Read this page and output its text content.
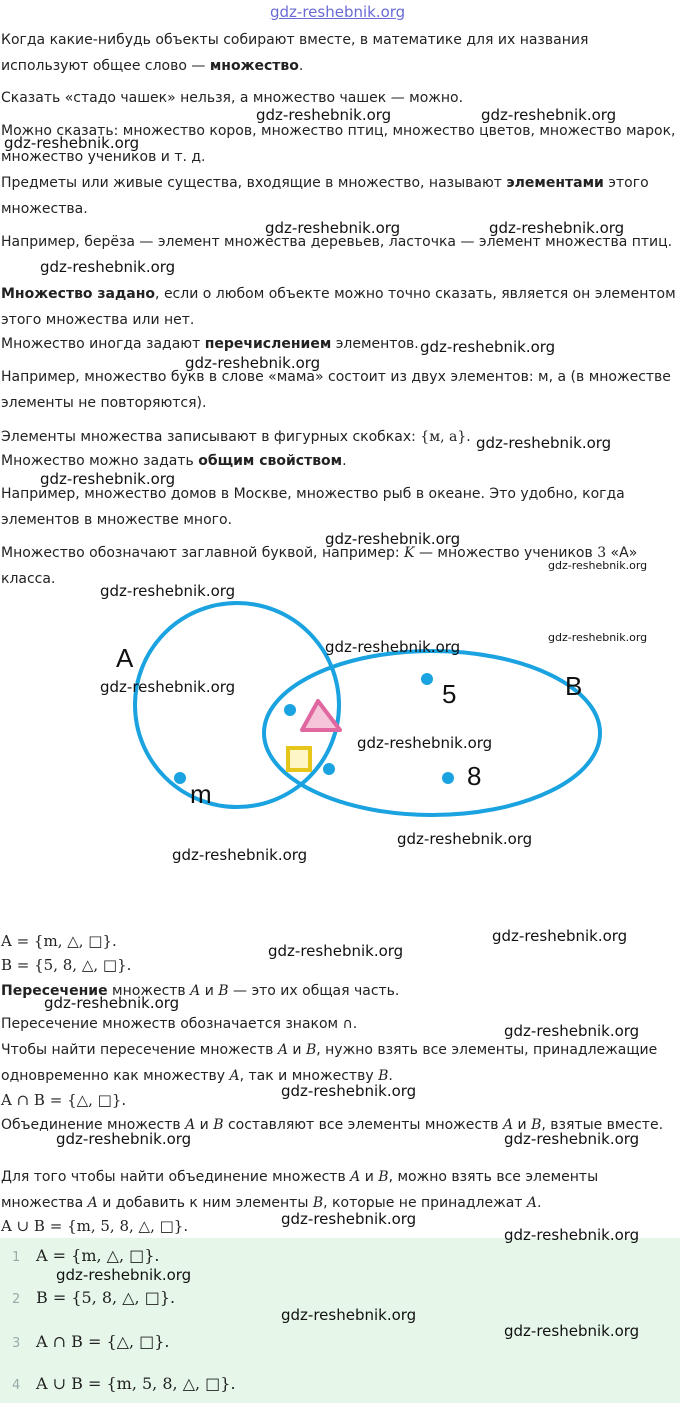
gdz-reshebnik.org

Когда какие-нибудь объекты собирают вместе, в математике для их названия используют общее слово — множество.

Сказать «стадо чашек» нельзя, а множество чашек — можно.

Можно сказать: множество коров, множество птиц, множество цветов, множество марок, множество учеников и т. д.

Предметы или живые существа, входящие в множество, называют элементами этого множества.

Например, берёза — элемент множества деревьев, ласточка — элемент множества птиц.

Множество задано, если о любом объекте можно точно сказать, является он элементом этого множества или нет.

Множество иногда задают перечислением элементов.

Например, множество букв в слове «мама» состоит из двух элементов: м, а (в множестве элементы не повторяются).

Элементы множества записывают в фигурных скобках: {м, а}.

Множество можно задать общим свойством.

Например, множество домов в Москве, множество рыб в океане. Это удобно, когда элементов в множестве много.

Множество обозначают заглавной буквой, например: K — множество учеников 3 «А» класса.

A
B
m
5
8

A = {m, △, □}.

B = {5, 8, △, □}.

Пересечение множеств A и B — это их общая часть.

Пересечение множеств обозначается знаком ∩.

Чтобы найти пересечение множеств A и B, нужно взять все элементы, принадлежащие одновременно как множеству A, так и множеству B.

A ∩ B = {△, □}.

Объединение множеств A и B составляют все элементы множеств A и B, взятые вместе.

Для того чтобы найти объединение множеств A и B, можно взять все элементы множества A и добавить к ним элементы B, которые не принадлежат A.

A ∪ B = {m, 5, 8, △, □}.

1 A = {m, △, □}.
2 B = {5, 8, △, □}.
3 A ∩ B = {△, □}.
4 A ∪ B = {m, 5, 8, △, □}.
gdz-reshebnik.org
gdz-reshebnik.org	gdz-reshebnik.org
gdz-reshebnik.org	gdz-reshebnik.org
gdz-reshebnik.org
gdz-reshebnik.org
gdz-reshebnik.org
gdz-reshebnik.org
gdz-reshebnik.org
gdz-reshebnik.org
gdz-reshebnik.org
gdz-reshebnik.org
gdz-reshebnik.org
gdz-reshebnik.org
gdz-reshebnik.org
gdz-reshebnik.org
gdz-reshebnik.org
gdz-reshebnik.org
gdz-reshebnik.org
gdz-reshebnik.org
gdz-reshebnik.org
gdz-reshebnik.org
gdz-reshebnik.org
gdz-reshebnik.org	gdz-reshebnik.org
gdz-reshebnik.org
gdz-reshebnik.org
gdz-reshebnik.org
gdz-reshebnik.org
gdz-reshebnik.org
